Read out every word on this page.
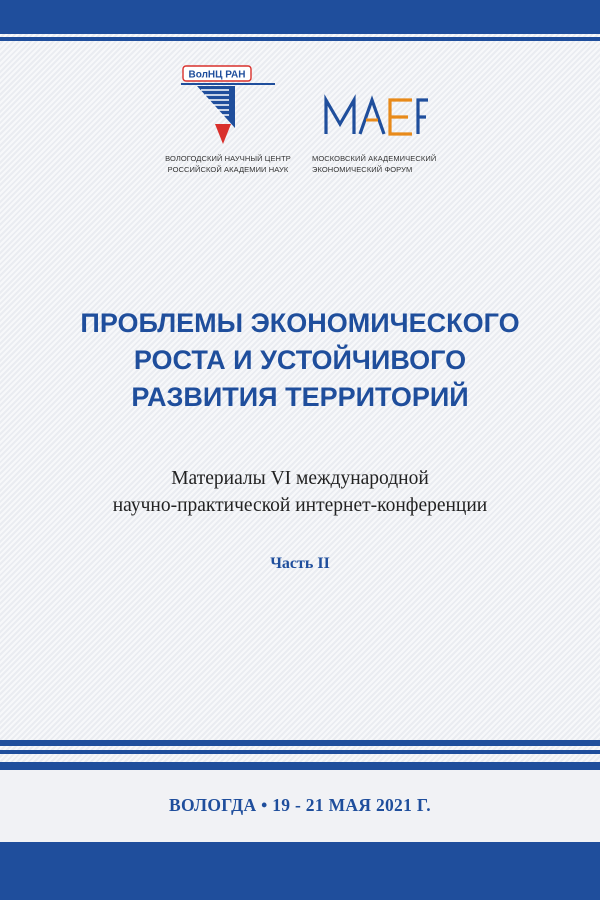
ВолНЦ РАН
ВОЛОГОДСКИЙ НАУЧНЫЙ ЦЕНТР
РОССИЙСКОЙ АКАДЕМИИ НАУК
МОСКОВСКИЙ АКАДЕМИЧЕСКИЙ
ЭКОНОМИЧЕСКИЙ ФОРУМ
ПРОБЛЕМЫ ЭКОНОМИЧЕСКОГО
РОСТА И УСТОЙЧИВОГО
РАЗВИТИЯ ТЕРРИТОРИЙ
Материалы VI международной
научно-практической интернет-конференции
Часть II
ВОЛОГДА • 19 - 21 МАЯ 2021 Г.
